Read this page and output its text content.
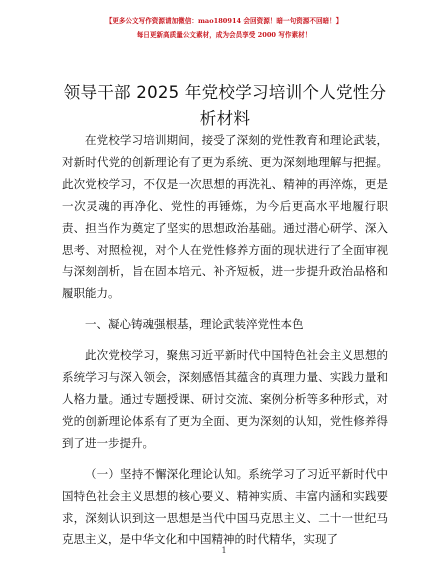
【更多公文写作资源请加微信：mao180914 会回资源！暗一句资源不回暗！】
每日更新高质量公文素材，成为会员享受 2000 写作素材！
领导干部 2025 年党校学习培训个人党性分析材料

在党校学习培训期间，接受了深刻的党性教育和理论武装，对新时代党的创新理论有了更为系统、更为深刻地理解与把握。此次党校学习，不仅是一次思想的再洗礼、精神的再淬炼，更是一次灵魂的再净化、党性的再锤炼，为今后更高水平地履行职责、担当作为奠定了坚实的思想政治基础。通过潜心研学、深入思考、对照检视，对个人在党性修养方面的现状进行了全面审视与深刻剖析，旨在固本培元、补齐短板，进一步提升政治品格和履职能力。

一、凝心铸魂强根基，理论武装淬党性本色

此次党校学习，聚焦习近平新时代中国特色社会主义思想的系统学习与深入领会，深刻感悟其蕴含的真理力量、实践力量和人格力量。通过专题授课、研讨交流、案例分析等多种形式，对党的创新理论体系有了更为全面、更为深刻的认知，党性修养得到了进一步提升。

（一）坚持不懈深化理论认知。系统学习了习近平新时代中国特色社会主义思想的核心要义、精神实质、丰富内涵和实践要求，深刻认识到这一思想是当代中国马克思主义、二十一世纪马克思主义，是中华文化和中国精神的时代精华，实现了

1
